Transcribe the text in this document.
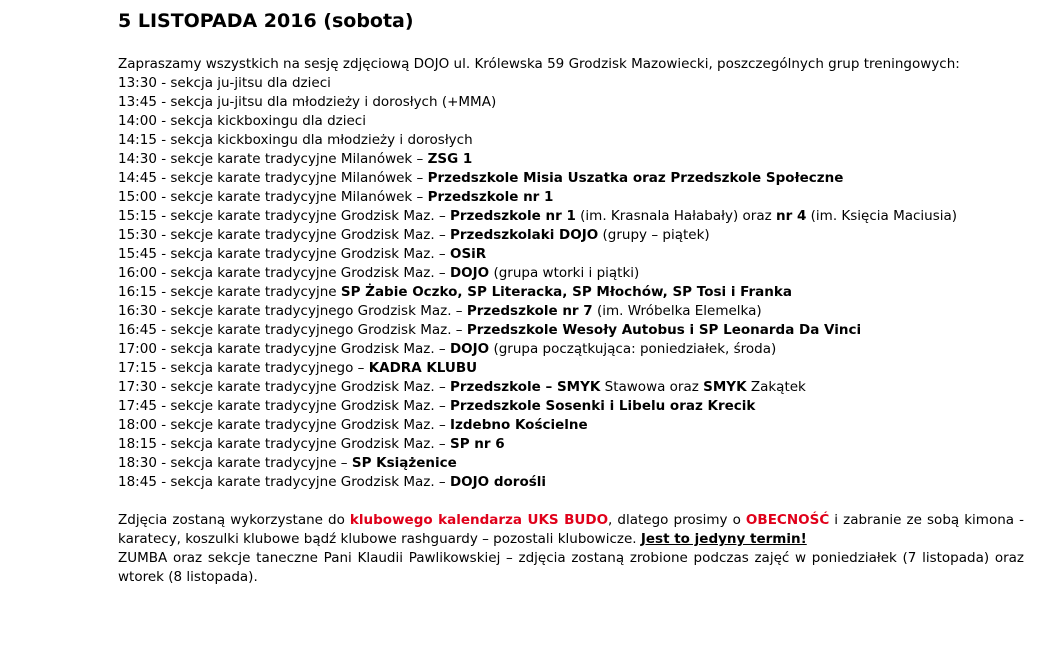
5 LISTOPADA 2016 (sobota)
Zapraszamy wszystkich na sesję zdjęciową DOJO ul. Królewska 59 Grodzisk Mazowiecki, poszczególnych grup treningowych:
13:30 - sekcja ju-jitsu dla dzieci
13:45 - sekcja ju-jitsu dla młodzieży i dorosłych (+MMA)
14:00 - sekcja kickboxingu dla dzieci
14:15 - sekcja kickboxingu dla młodzieży i dorosłych
14:30 - sekcje karate tradycyjne Milanówek – ZSG 1
14:45 - sekcje karate tradycyjne Milanówek – Przedszkole Misia Uszatka oraz Przedszkole Społeczne
15:00 - sekcje karate tradycyjne Milanówek – Przedszkole nr 1
15:15 - sekcje karate tradycyjne Grodzisk Maz. – Przedszkole nr 1 (im. Krasnala Hałabały) oraz nr 4 (im. Księcia Maciusia)
15:30 - sekcje karate tradycyjne Grodzisk Maz. – Przedszkolaki DOJO (grupy – piątek)
15:45 - sekcja karate tradycyjne Grodzisk Maz. – OSiR
16:00 - sekcja karate tradycyjne Grodzisk Maz. – DOJO (grupa wtorki i piątki)
16:15 - sekcje karate tradycyjne SP Żabie Oczko, SP Literacka, SP Młochów, SP Tosi i Franka
16:30 - sekcje karate tradycyjnego Grodzisk Maz. – Przedszkole nr 7 (im. Wróbelka Elemelka)
16:45 - sekcje karate tradycyjnego Grodzisk Maz. – Przedszkole Wesoły Autobus i SP Leonarda Da Vinci
17:00 - sekcja karate tradycyjne Grodzisk Maz. – DOJO (grupa początkująca: poniedziałek, środa)
17:15 - sekcja karate tradycyjnego – KADRA KLUBU
17:30 - sekcje karate tradycyjne Grodzisk Maz. – Przedszkole – SMYK Stawowa oraz SMYK Zakątek
17:45 - sekcje karate tradycyjne Grodzisk Maz. – Przedszkole Sosenki i Libelu oraz Krecik
18:00 - sekcje karate tradycyjne Grodzisk Maz. – Izdebno Kościelne
18:15 - sekcja karate tradycyjne Grodzisk Maz. – SP nr 6
18:30 - sekcja karate tradycyjne – SP Książenice
18:45 - sekcja karate tradycyjne Grodzisk Maz. – DOJO dorośli

Zdjęcia zostaną wykorzystane do klubowego kalendarza UKS BUDO, dlatego prosimy o OBECNOŚĆ i zabranie ze sobą kimona - karatecy, koszulki klubowe bądź klubowe rashguardy – pozostali klubowicze. Jest to jedyny termin!

ZUMBA oraz sekcje taneczne Pani Klaudii Pawlikowskiej – zdjęcia zostaną zrobione podczas zajęć w poniedziałek (7 listopada) oraz wtorek (8 listopada).
